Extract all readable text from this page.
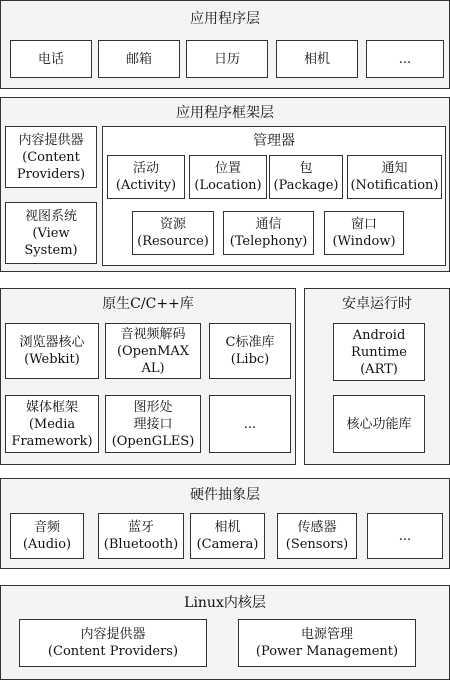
应用程序层
电话	邮箱	日历	相机	...
应用程序框架层
内容提供器
(Content
Providers)
视图系统
(View
System)
管理器
活动
(Activity)
位置
(Location)
包
(Package)
通知
(Notification)
资源
(Resource)
通信
(Telephony)
窗口
(Window)
原生C/C++库
浏览器核心
(Webkit)
音视频解码
(OpenMAX
AL)
C标准库
(Libc)
媒体框架
(Media
Framework)
图形处
理接口
(OpenGLES)
...
安卓运行时
Android
Runtime
(ART)
核心功能库
硬件抽象层
音频
(Audio)
蓝牙
(Bluetooth)
相机
(Camera)
传感器
(Sensors)
...
Linux内核层
内容提供器
(Content Providers)
电源管理
(Power Management)
